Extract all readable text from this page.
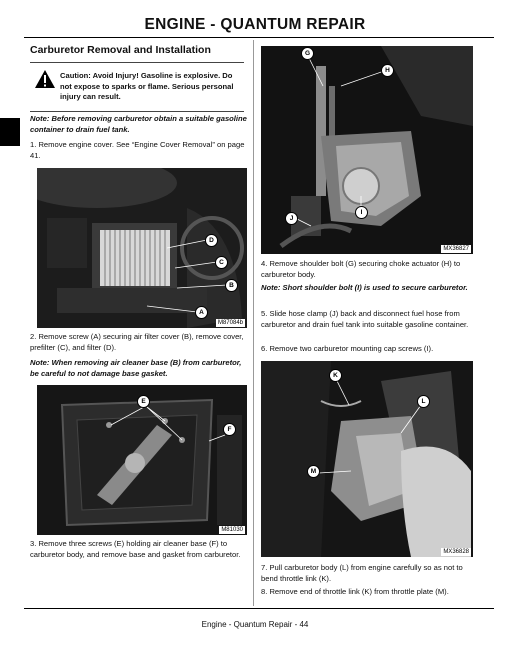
ENGINE - QUANTUM REPAIR
Carburetor Removal and Installation
Caution: Avoid Injury! Gasoline is explosive. Do not expose to sparks or flame. Serious personal injury can result.
Note: Before removing carburetor obtain a suitable gasoline container to drain fuel tank.
1. Remove engine cover. See “Engine Cover Removal” on page 41.
D
C
B
A
M87084b
2. Remove screw (A) securing air filter cover (B), remove cover, prefilter (C), and filter (D).
Note: When removing air cleaner base (B) from carburetor, be careful to not damage base gasket.
E
F
M81030
3. Remove three screws (E) holding air cleaner base (F) to carburetor body, and remove base and gasket from carburetor.
G
H
I
J
MX36827
4. Remove shoulder bolt (G) securing choke actuator (H) to carburetor body.
Note: Short shoulder bolt (I) is used to secure carburetor.
5. Slide hose clamp (J) back and disconnect fuel hose from carburetor and drain fuel tank into suitable gasoline container.
6. Remove two carburetor mounting cap screws (I).
K
L
M
MX36828
7. Pull carburetor body (L) from engine carefully so as not to bend throttle link (K).
8. Remove end of throttle link (K) from throttle plate (M).
Engine - Quantum Repair - 44
